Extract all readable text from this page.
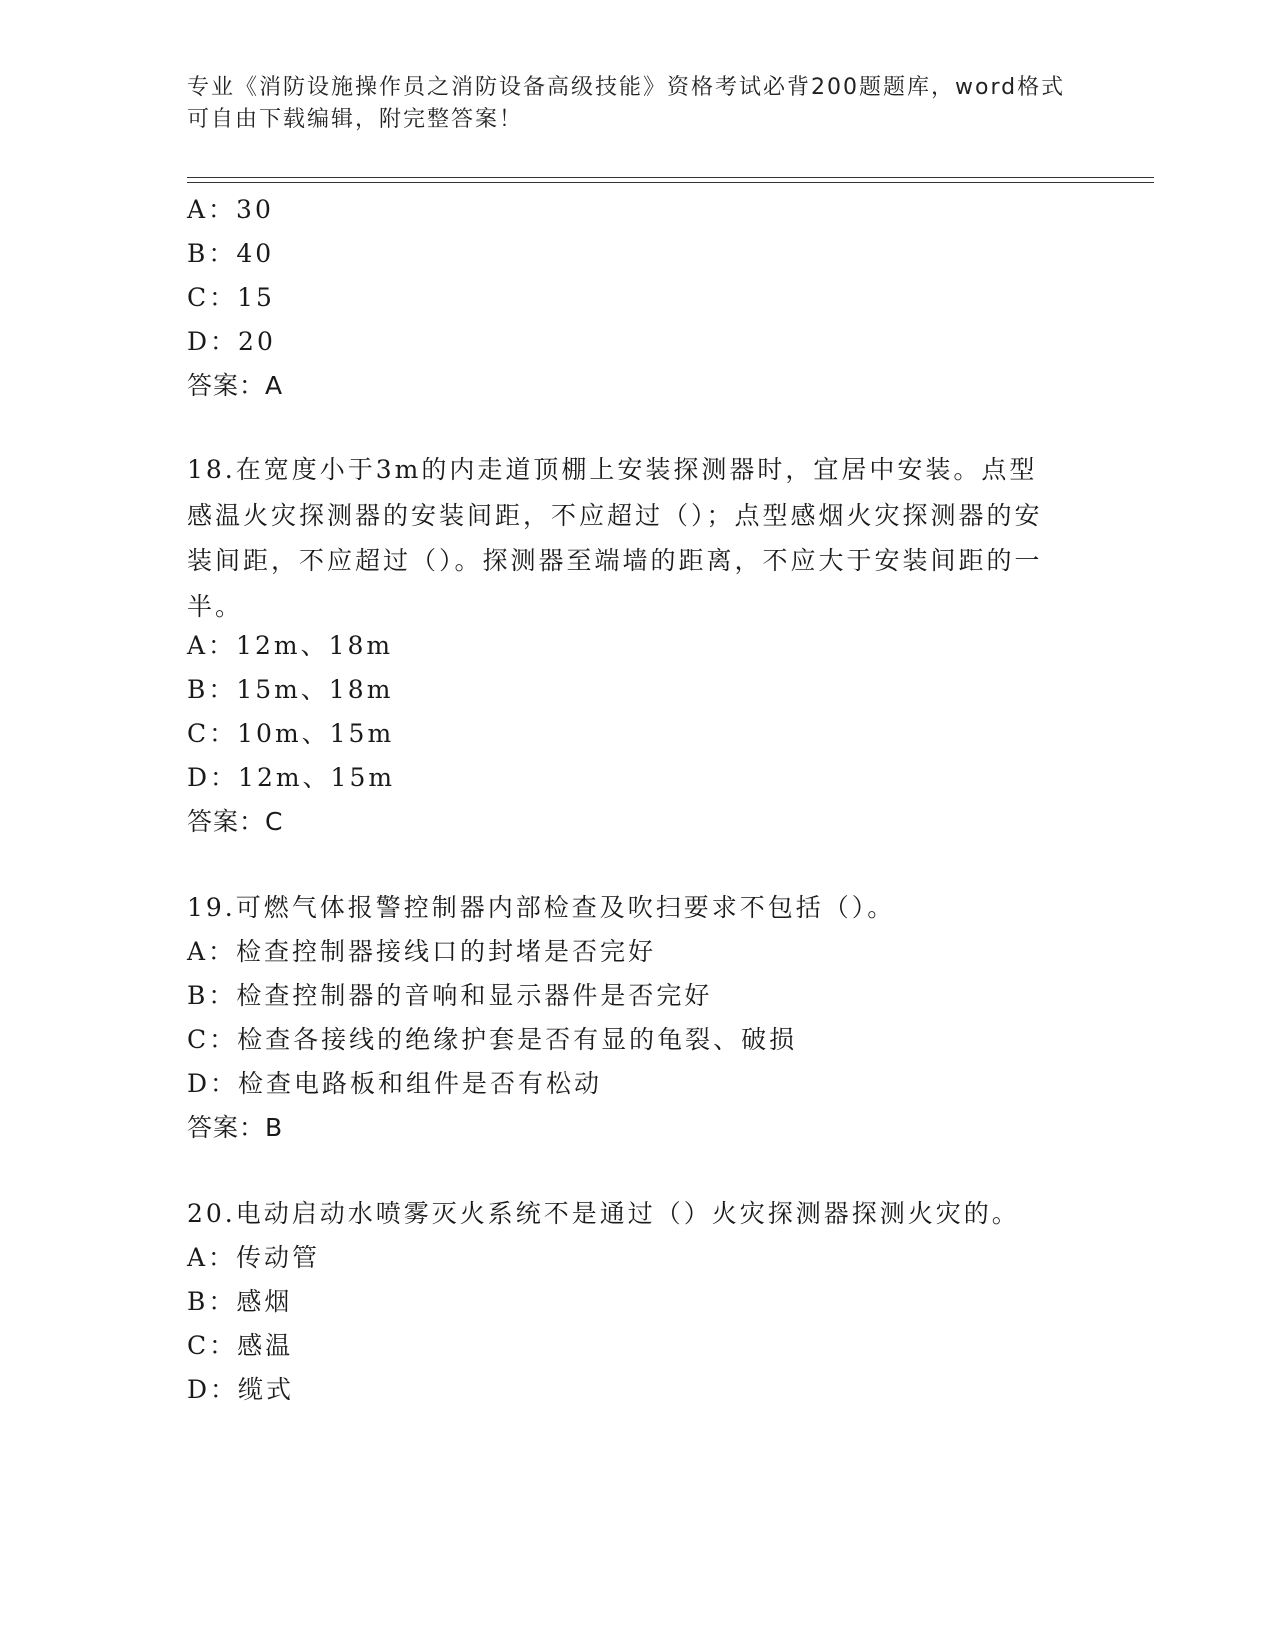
专业《消防设施操作员之消防设备高级技能》资格考试必背200题题库，word格式可自由下载编辑，附完整答案！
A：30
B：40
C：15
D：20
答案：A
18.在宽度小于3m的内走道顶棚上安装探测器时，宜居中安装。点型感温火灾探测器的安装间距，不应超过（）；点型感烟火灾探测器的安装间距，不应超过（）。探测器至端墙的距离，不应大于安装间距的一半。
A：12m、18m
B：15m、18m
C：10m、15m
D：12m、15m
答案：C
19.可燃气体报警控制器内部检查及吹扫要求不包括（）。
A：检查控制器接线口的封堵是否完好
B：检查控制器的音响和显示器件是否完好
C：检查各接线的绝缘护套是否有显的龟裂、破损
D：检查电路板和组件是否有松动
答案：B
20.电动启动水喷雾灭火系统不是通过（）火灾探测器探测火灾的。
A：传动管
B：感烟
C：感温
D：缆式
